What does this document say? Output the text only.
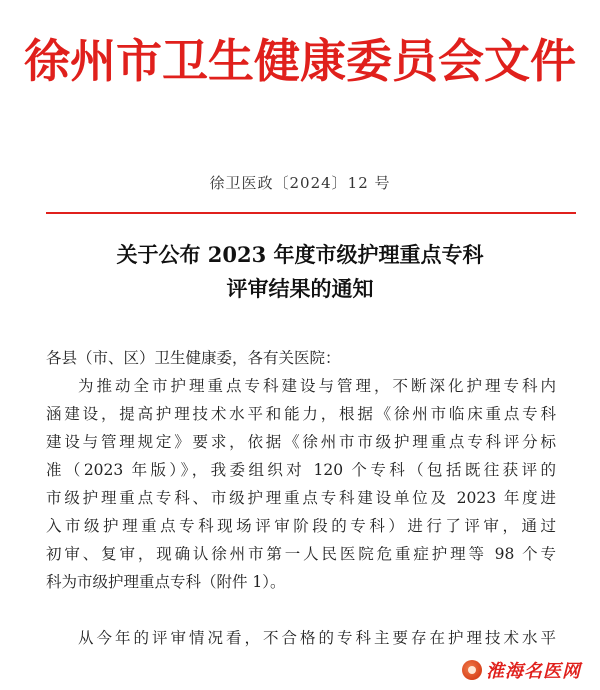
徐州市卫生健康委员会文件
徐卫医政〔2024〕12 号
关于公布 2023 年度市级护理重点专科
评审结果的通知
各县（市、区）卫生健康委，各有关医院：
为推动全市护理重点专科建设与管理，不断深化护理专科内
涵建设，提高护理技术水平和能力，根据《徐州市临床重点专科
建设与管理规定》要求，依据《徐州市市级护理重点专科评分标
准（2023 年版）》，我委组织对 120 个专科（包括既往获评的
市级护理重点专科、市级护理重点专科建设单位及 2023 年度进
入市级护理重点专科现场评审阶段的专科）进行了评审，通过
初审、复审，现确认徐州市第一人民医院危重症护理等 98 个专
科为市级护理重点专科（附件 1）。
从今年的评审情况看，不合格的专科主要存在护理技术水平
淮海名医网
